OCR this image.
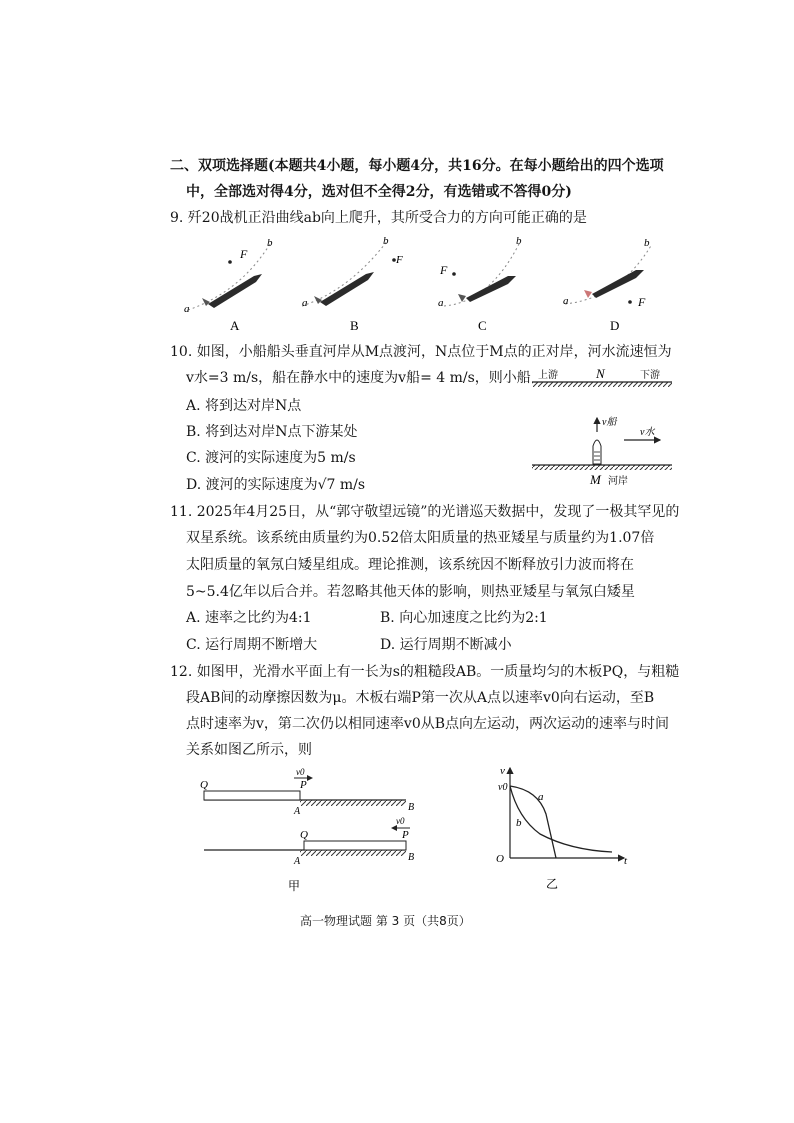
二、双项选择题(本题共4小题，每小题4分，共16分。在每小题给出的四个选项
中，全部选对得4分，选对但不全得2分，有选错或不答得0分)
9. 歼20战机正沿曲线ab向上爬升，其所受合力的方向可能正确的是
F
b
a
A
b
F
a
B
F
b
a
C
F
b
a
D
10. 如图，小船船头垂直河岸从M点渡河，N点位于M点的正对岸，河水流速恒为
v水=3 m/s，船在静水中的速度为v船= 4 m/s，则小船
A. 将到达对岸N点
B. 将到达对岸N点下游某处
C. 渡河的实际速度为5 m/s
D. 渡河的实际速度为√7 m/s
上游	下游
N
v船
v水
M 河岸
11. 2025年4月25日，从“郭守敬望远镜”的光谱巡天数据中，发现了一极其罕见的
双星系统。该系统由质量约为0.52倍太阳质量的热亚矮星与质量约为1.07倍
太阳质量的氧氖白矮星组成。理论推测，该系统因不断释放引力波而将在
5~5.4亿年以后合并。若忽略其他天体的影响，则热亚矮星与氧氖白矮星
A. 速率之比约为4:1	B. 向心加速度之比约为2:1
C. 运行周期不断增大	D. 运行周期不断减小
12. 如图甲，光滑水平面上有一长为s的粗糙段AB。一质量均匀的木板PQ，与粗糙
段AB间的动摩擦因数为μ。木板右端P第一次从A点以速率v0向右运动，至B
点时速率为v，第二次仍以相同速率v0从B点向左运动，两次运动的速率与时间
关系如图乙所示，则
Q	P
v0
A	B
Q	P
v0
A	B
甲
v
v0
t
O
a
b
乙
高一物理试题 第 3 页（共8页）
